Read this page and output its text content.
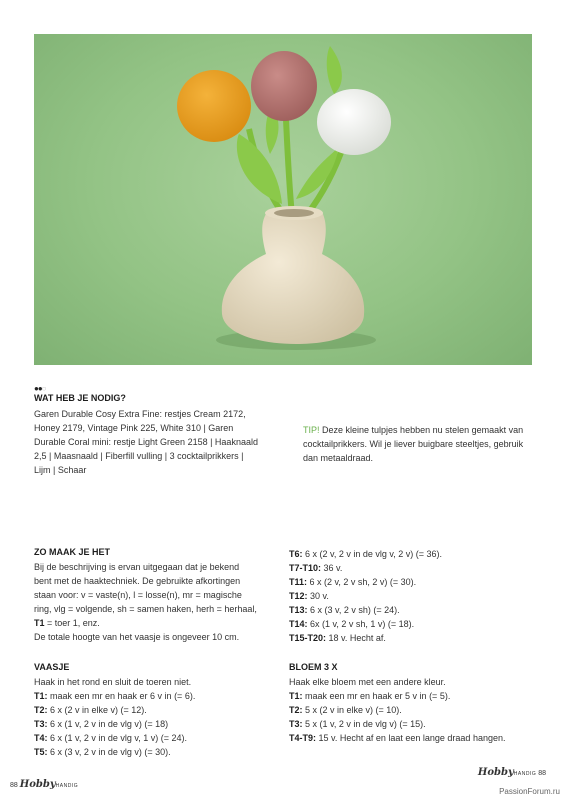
●●○
WAT HEB JE NODIG?
Garen Durable Cosy Extra Fine: restjes Cream 2172,
Honey 2179, Vintage Pink 225, White 310 | Garen
Durable Coral mini: restje Light Green 2158 | Haaknaald
2,5 | Maasnaald | Fiberfill vulling | 3 cocktailprikkers |
Lijm | Schaar
TIP! Deze kleine tulpjes hebben nu stelen gemaakt van
cocktailprikkers. Wil je liever buigbare steeltjes, gebruik
dan metaaldraad.
ZO MAAK JE HET
Bij de beschrijving is ervan uitgegaan dat je bekend
bent met de haaktechniek. De gebruikte afkortingen
staan voor: v = vaste(n), l = losse(n), mr = magische
ring, vlg = volgende, sh = samen haken, herh = herhaal,
T1 = toer 1, enz.
De totale hoogte van het vaasje is ongeveer 10 cm.
VAASJE
Haak in het rond en sluit de toeren niet.
T1: maak een mr en haak er 6 v in (= 6).
T2: 6 x (2 v in elke v) (= 12).
T3: 6 x (1 v, 2 v in de vlg v) (= 18)
T4: 6 x (1 v, 2 v in de vlg v, 1 v) (= 24).
T5: 6 x (3 v, 2 v in de vlg v) (= 30).
T6: 6 x (2 v, 2 v in de vlg v, 2 v) (= 36).
T7-T10: 36 v.
T11: 6 x (2 v, 2 v sh, 2 v) (= 30).
T12: 30 v.
T13: 6 x (3 v, 2 v sh) (= 24).
T14: 6x (1 v, 2 v sh, 1 v) (= 18).
T15-T20: 18 v. Hecht af.
BLOEM 3 X
Haak elke bloem met een andere kleur.
T1: maak een mr en haak er 5 v in (= 5).
T2: 5 x (2 v in elke v) (= 10).
T3: 5 x (1 v, 2 v in de vlg v) (= 15).
T4-T9: 15 v. Hecht af en laat een lange draad hangen.
88 HobbyHANDIG
HobbyHANDIG 88
PassionForum.ru
